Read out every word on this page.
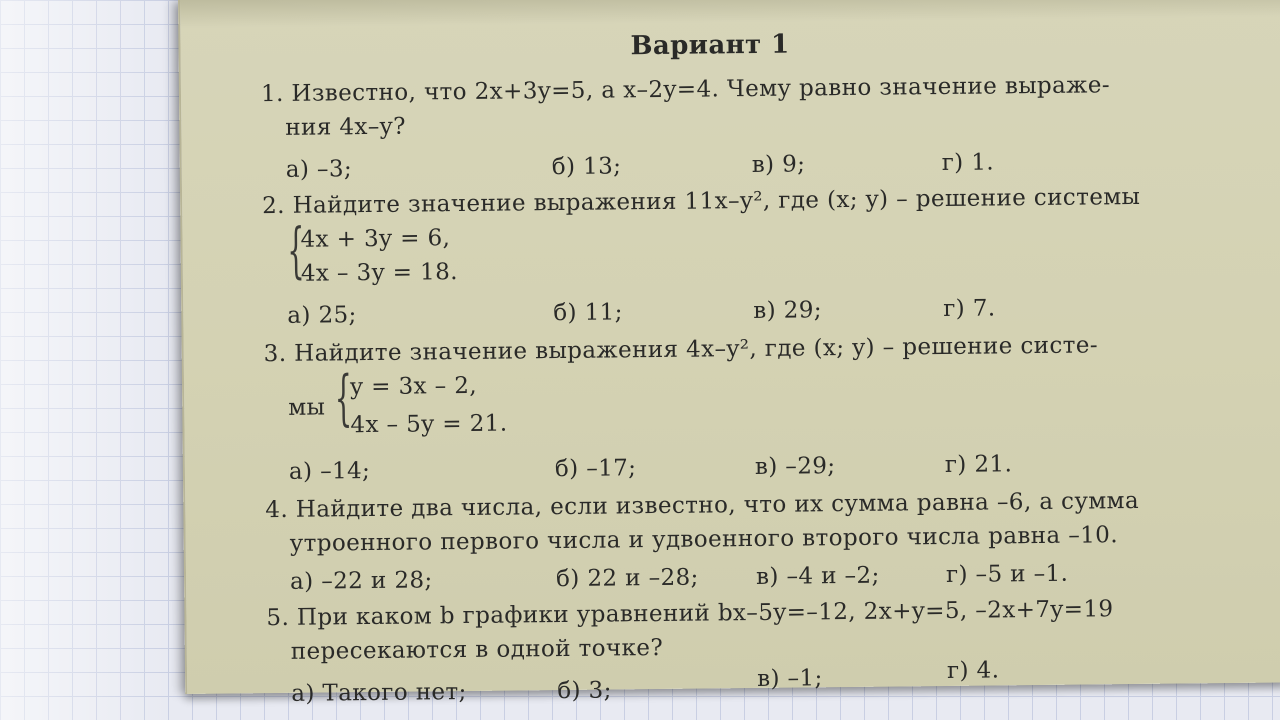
Вариант 1
1. Известно, что 2x+3y=5, а x–2y=4. Чему равно значение выраже-
ния 4x–y?
а) –3;	б) 13;	в) 9;	г) 1.
2. Найдите значение выражения 11x–y², где (x; y) – решение системы
{
4x + 3y = 6,
4x – 3y = 18.
а) 25;	б) 11;	в) 29;	г) 7.
3. Найдите значение выражения 4x–y², где (x; y) – решение систе-
мы {
y = 3x – 2,
4x – 5y = 21.
а) –14;	б) –17;	в) –29;	г) 21.
4. Найдите два числа, если известно, что их сумма равна –6, а сумма
утроенного первого числа и удвоенного второго числа равна –10.
а) –22 и 28;	б) 22 и –28; в) –4 и –2;	г) –5 и –1.
5. При каком b графики уравнений bx–5y=–12, 2x+y=5, –2x+7y=19
пересекаются в одной точке?
а) Такого нет;	б) 3;	в) –1;	г) 4.
